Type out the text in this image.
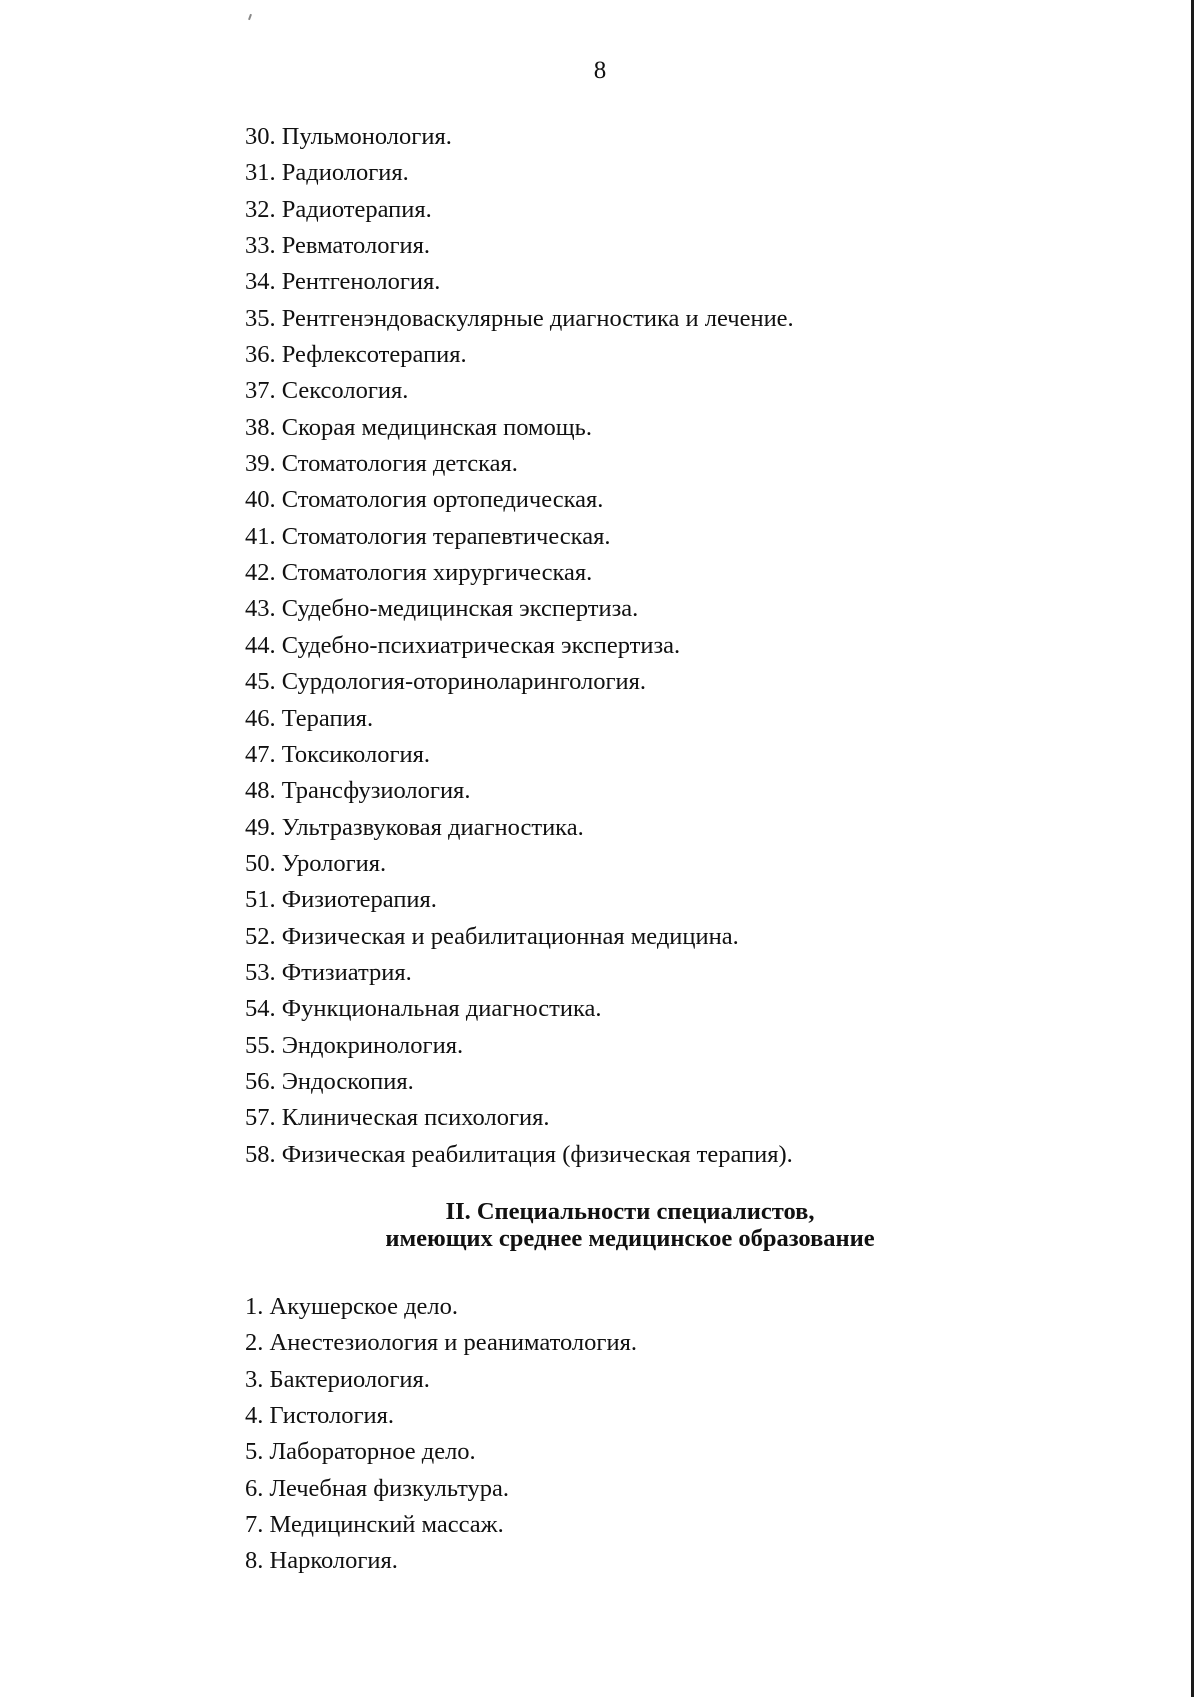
8
30. Пульмонология.
31. Радиология.
32. Радиотерапия.
33. Ревматология.
34. Рентгенология.
35. Рентгенэндоваскулярные диагностика и лечение.
36. Рефлексотерапия.
37. Сексология.
38. Скорая медицинская помощь.
39. Стоматология детская.
40. Стоматология ортопедическая.
41. Стоматология терапевтическая.
42. Стоматология хирургическая.
43. Судебно-медицинская экспертиза.
44. Судебно-психиатрическая экспертиза.
45. Сурдология-оториноларингология.
46. Терапия.
47. Токсикология.
48. Трансфузиология.
49. Ультразвуковая диагностика.
50. Урология.
51. Физиотерапия.
52. Физическая и реабилитационная медицина.
53. Фтизиатрия.
54. Функциональная диагностика.
55. Эндокринология.
56. Эндоскопия.
57. Клиническая психология.
58. Физическая реабилитация (физическая терапия).
II. Специальности специалистов,
имеющих среднее медицинское образование
1. Акушерское дело.
2. Анестезиология и реаниматология.
3. Бактериология.
4. Гистология.
5. Лабораторное дело.
6. Лечебная физкультура.
7. Медицинский массаж.
8. Наркология.
